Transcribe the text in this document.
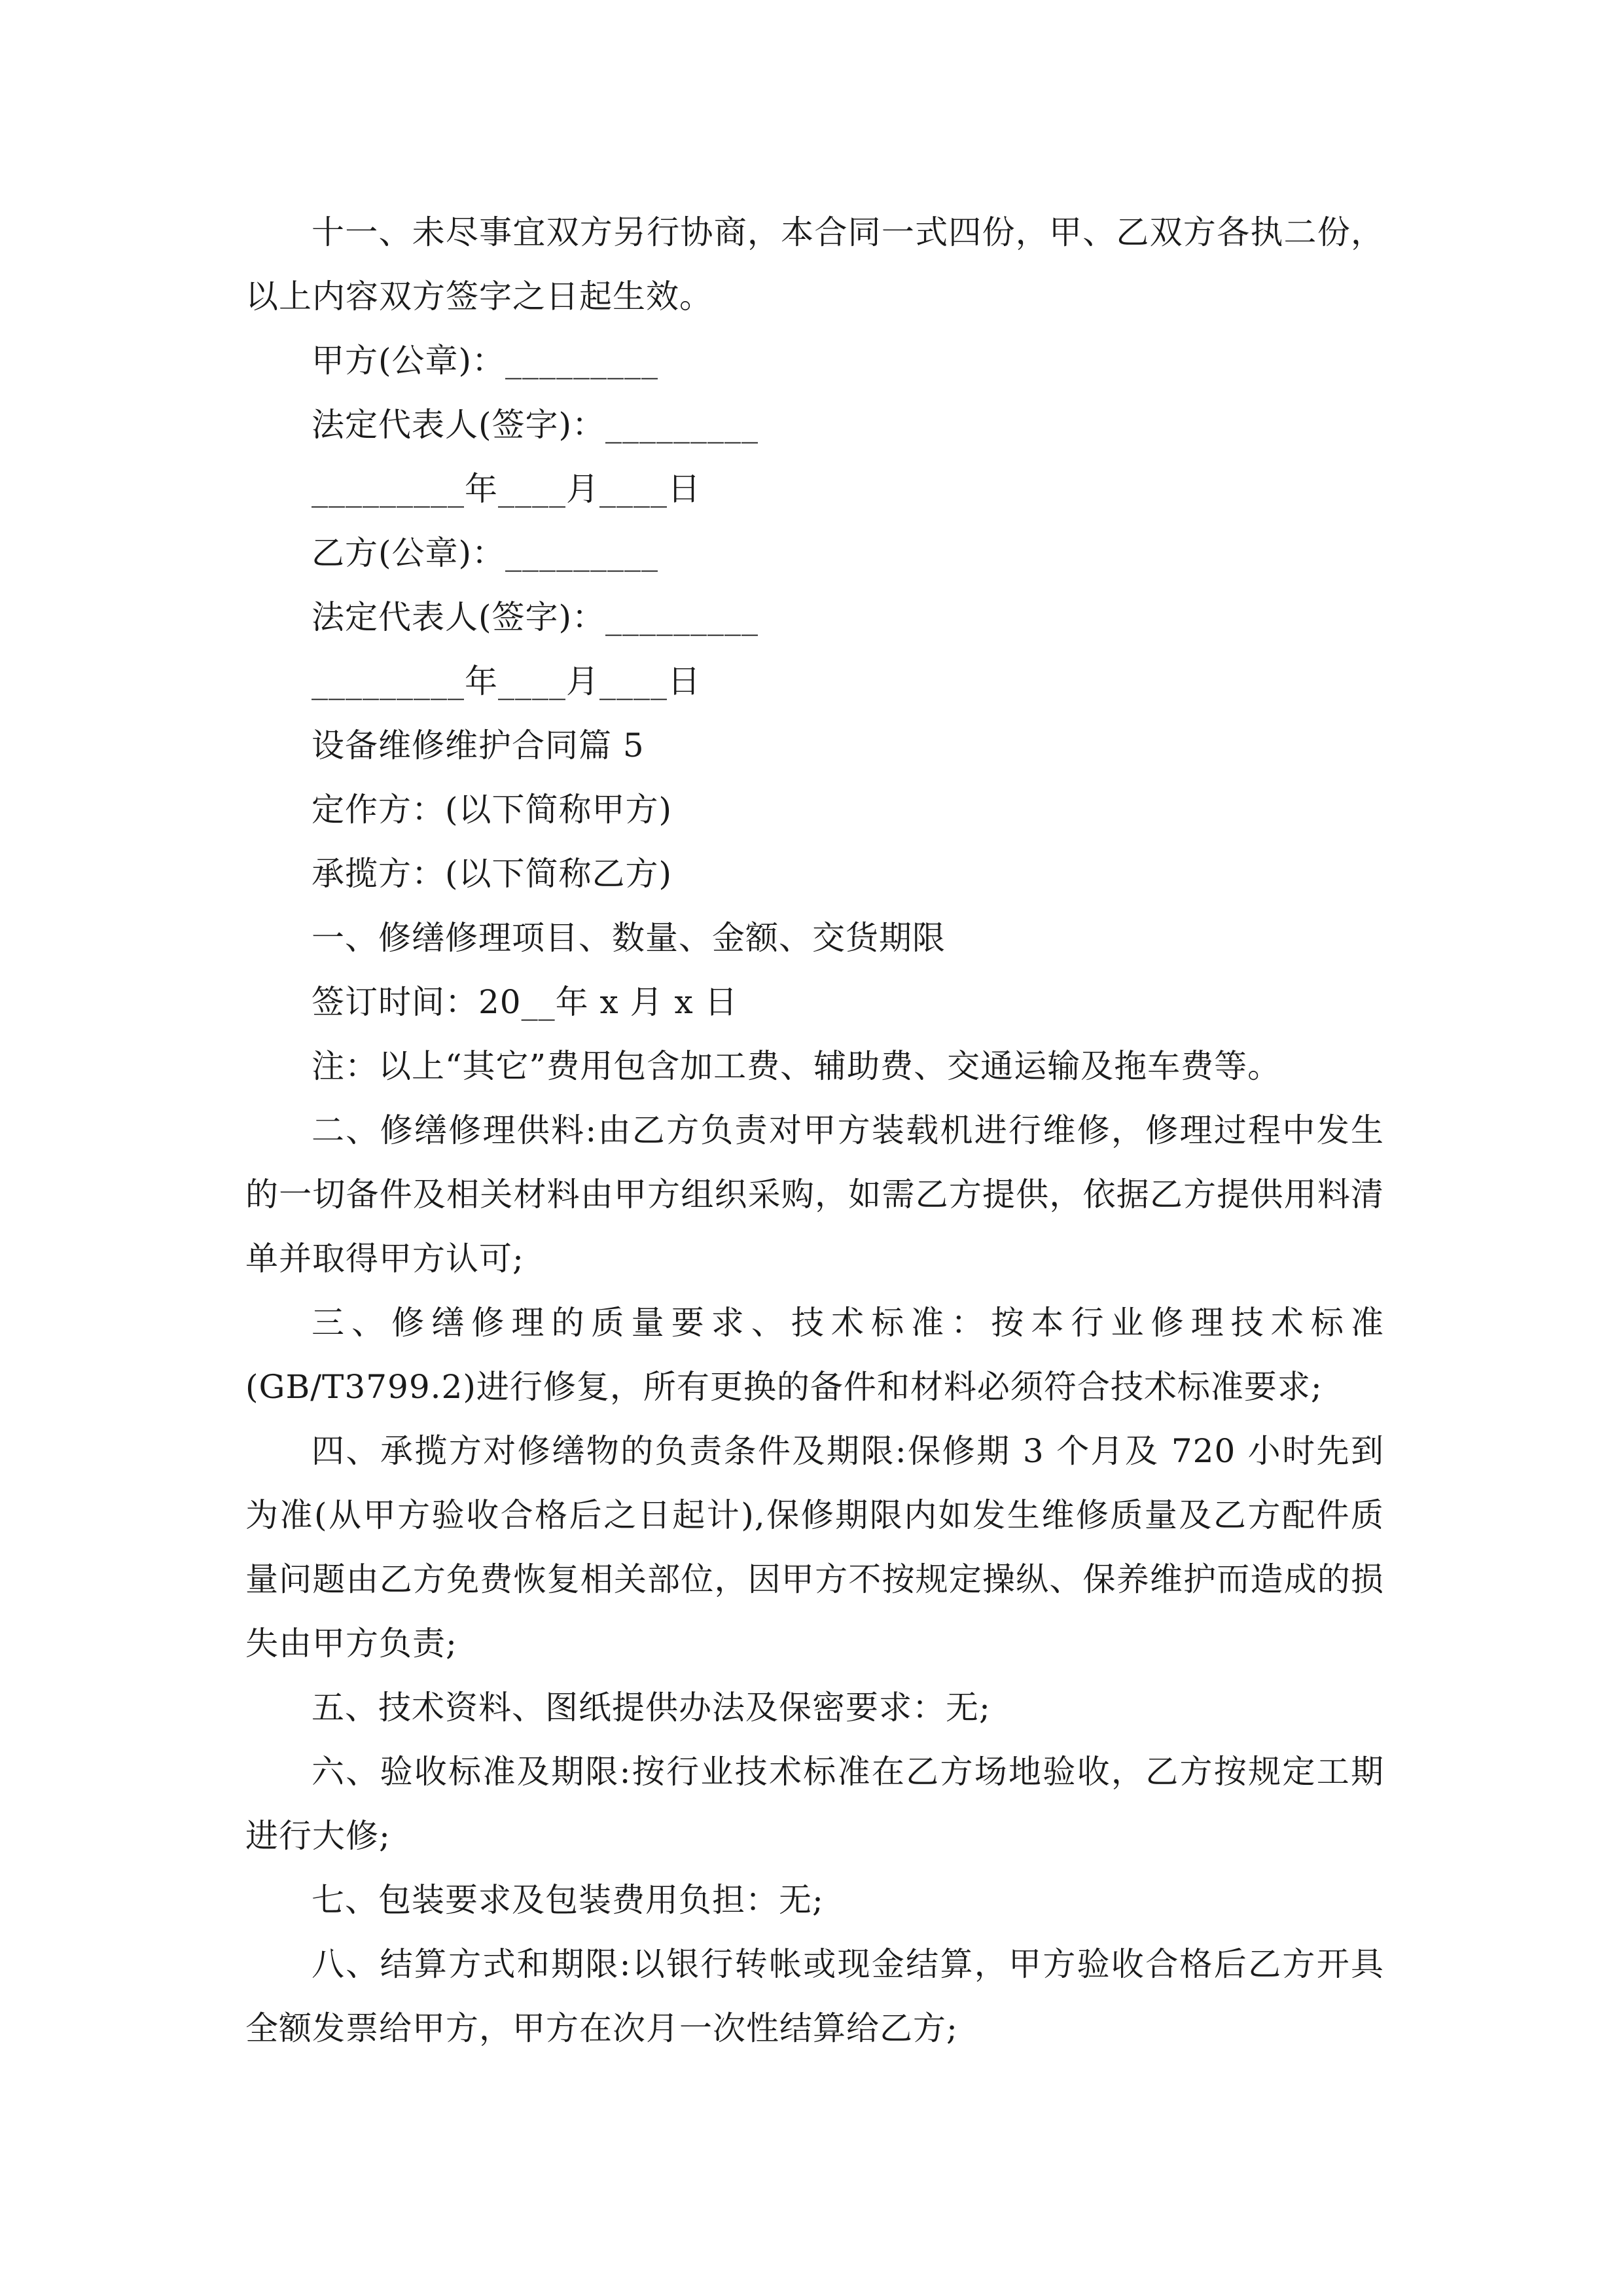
十一、未尽事宜双方另行协商，本合同一式四份，甲、乙双方各执二份，以上内容双方签字之日起生效。

甲方(公章)：_________

法定代表人(签字)：_________

_________年____月____日

乙方(公章)：_________

法定代表人(签字)：_________

_________年____月____日

设备维修维护合同篇 5

定作方：(以下简称甲方)

承揽方：(以下简称乙方)

一、修缮修理项目、数量、金额、交货期限

签订时间：20__年 x 月 x 日

注：以上“其它”费用包含加工费、辅助费、交通运输及拖车费等。

二、修缮修理供料:由乙方负责对甲方装载机进行维修，修理过程中发生的一切备件及相关材料由甲方组织采购，如需乙方提供，依据乙方提供用料清单并取得甲方认可;

三、修缮修理的质量要求、技术标准：按本行业修理技术标准(GB/T3799.2)进行修复，所有更换的备件和材料必须符合技术标准要求;

四、承揽方对修缮物的负责条件及期限:保修期 3 个月及 720 小时先到为准(从甲方验收合格后之日起计),保修期限内如发生维修质量及乙方配件质量问题由乙方免费恢复相关部位，因甲方不按规定操纵、保养维护而造成的损失由甲方负责;

五、技术资料、图纸提供办法及保密要求：无;

六、验收标准及期限:按行业技术标准在乙方场地验收，乙方按规定工期进行大修;

七、包装要求及包装费用负担：无;

八、结算方式和期限:以银行转帐或现金结算，甲方验收合格后乙方开具全额发票给甲方，甲方在次月一次性结算给乙方;
